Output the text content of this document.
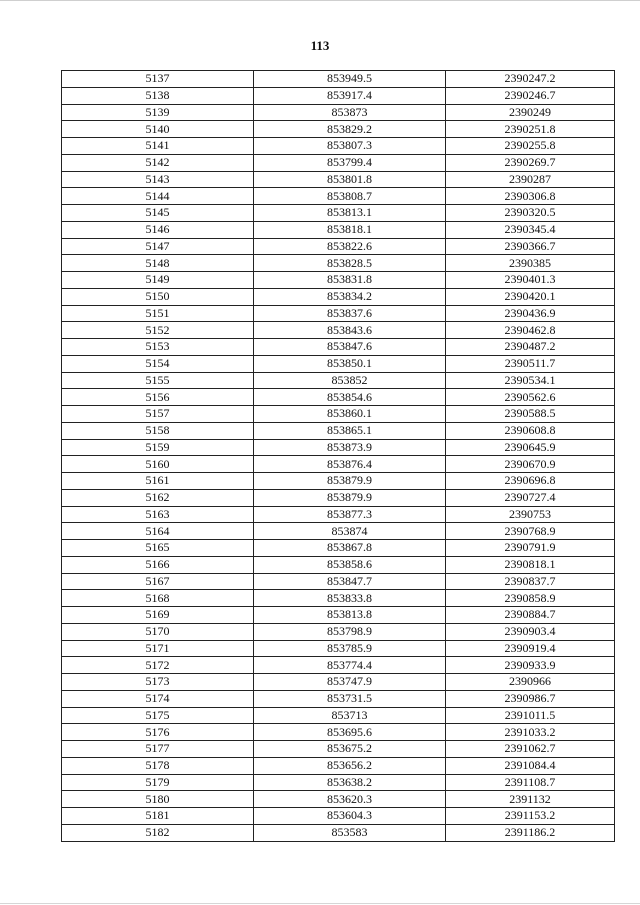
113
5137	853949.5	2390247.2
5138	853917.4	2390246.7
5139	853873	2390249
5140	853829.2	2390251.8
5141	853807.3	2390255.8
5142	853799.4	2390269.7
5143	853801.8	2390287
5144	853808.7	2390306.8
5145	853813.1	2390320.5
5146	853818.1	2390345.4
5147	853822.6	2390366.7
5148	853828.5	2390385
5149	853831.8	2390401.3
5150	853834.2	2390420.1
5151	853837.6	2390436.9
5152	853843.6	2390462.8
5153	853847.6	2390487.2
5154	853850.1	2390511.7
5155	853852	2390534.1
5156	853854.6	2390562.6
5157	853860.1	2390588.5
5158	853865.1	2390608.8
5159	853873.9	2390645.9
5160	853876.4	2390670.9
5161	853879.9	2390696.8
5162	853879.9	2390727.4
5163	853877.3	2390753
5164	853874	2390768.9
5165	853867.8	2390791.9
5166	853858.6	2390818.1
5167	853847.7	2390837.7
5168	853833.8	2390858.9
5169	853813.8	2390884.7
5170	853798.9	2390903.4
5171	853785.9	2390919.4
5172	853774.4	2390933.9
5173	853747.9	2390966
5174	853731.5	2390986.7
5175	853713	2391011.5
5176	853695.6	2391033.2
5177	853675.2	2391062.7
5178	853656.2	2391084.4
5179	853638.2	2391108.7
5180	853620.3	2391132
5181	853604.3	2391153.2
5182	853583	2391186.2
